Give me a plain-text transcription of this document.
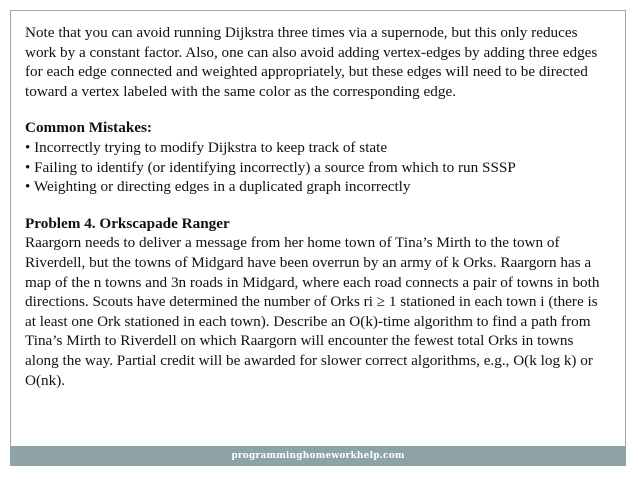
Note that you can avoid running Dijkstra three times via a supernode, but this only reduces work by a constant factor. Also, one can also avoid adding vertex-edges by adding three edges for each edge connected and weighted appropriately, but these edges will need to be directed toward a vertex labeled with the same color as the corresponding edge.

Common Mistakes:

• Incorrectly trying to modify Dijkstra to keep track of state
• Failing to identify (or identifying incorrectly) a source from which to run SSSP
• Weighting or directing edges in a duplicated graph incorrectly

Problem 4. Orkscapade Ranger

Raargorn needs to deliver a message from her home town of Tina’s Mirth to the town of Riverdell, but the towns of Midgard have been overrun by an army of k Orks. Raargorn has a map of the n towns and 3n roads in Midgard, where each road connects a pair of towns in both directions. Scouts have determined the number of Orks ri ≥ 1 stationed in each town i (there is at least one Ork stationed in each town). Describe an O(k)-time algorithm to find a path from Tina’s Mirth to Riverdell on which Raargorn will encounter the fewest total Orks in towns along the way. Partial credit will be awarded for slower correct algorithms, e.g., O(k log k) or O(nk).

programminghomeworkhelp.com
